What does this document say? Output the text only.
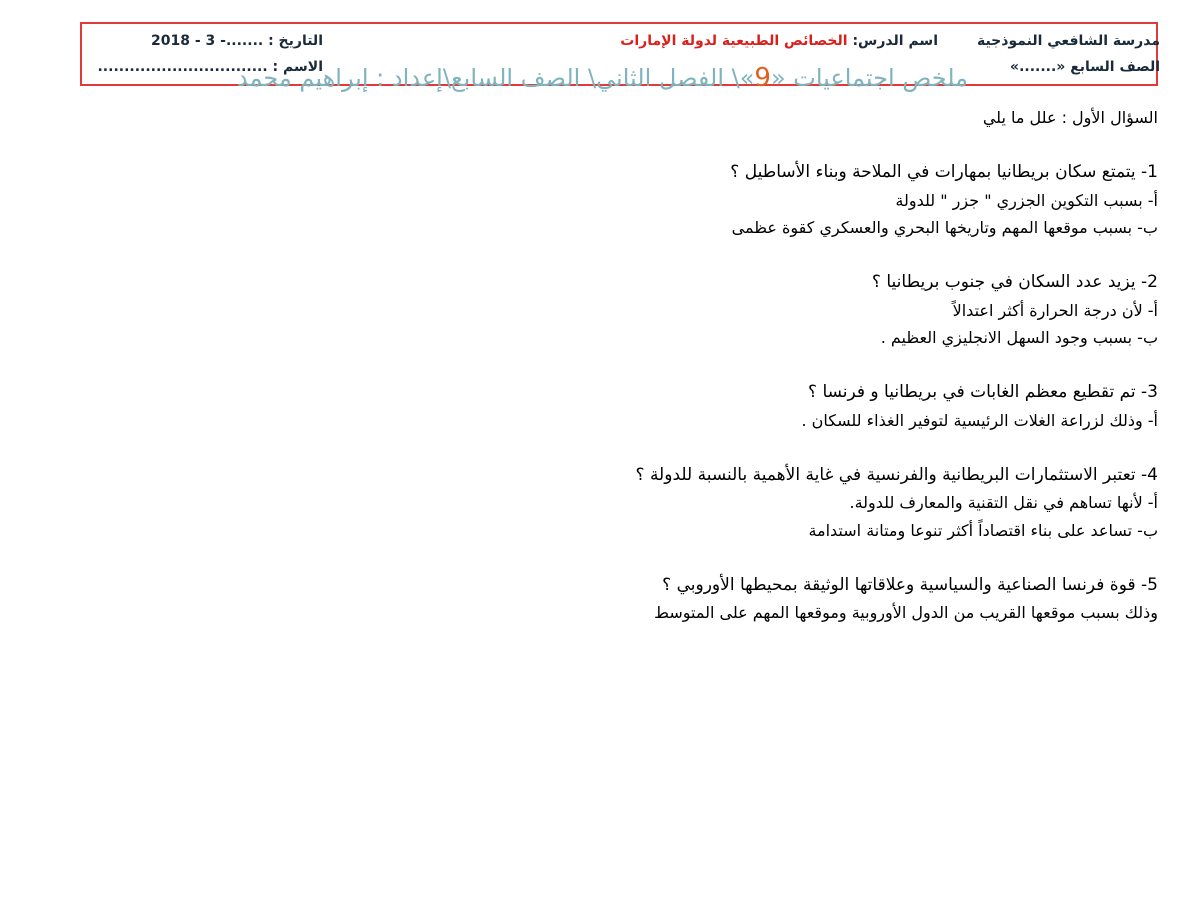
مدرسة الشافعي النموذجية
اسم الدرس: الخصائص الطبيعية لدولة الإمارات
التاريخ : .......- 3 - 2018
الصف السابع «.......»
الاسم : ................................	ملخص اجتماعيات «9»\ الفصل الثاني\ الصف السابع\إعداد : إبراهيم محمد
السؤال الأول : علل ما يلي
1- يتمتع سكان بريطانيا بمهارات في الملاحة وبناء الأساطيل ؟
أ- بسبب التكوين الجزري " جزر " للدولة
ب- بسبب موقعها المهم وتاريخها البحري والعسكري كقوة عظمى
2- يزيد عدد السكان في جنوب بريطانيا ؟
أ- لأن درجة الحرارة أكثر اعتدالاً
ب- بسبب وجود السهل الانجليزي العظيم .
3- تم تقطيع معظم الغابات في بريطانيا و فرنسا ؟
أ- وذلك لزراعة الغلات الرئيسية لتوفير الغذاء للسكان .
4- تعتبر الاستثمارات البريطانية والفرنسية في غاية الأهمية بالنسبة للدولة ؟
أ- لأنها تساهم في نقل التقنية والمعارف للدولة.
ب- تساعد على بناء اقتصاداً أكثر تنوعا ومتانة استدامة
5- قوة فرنسا الصناعية والسياسية وعلاقاتها الوثيقة بمحيطها الأوروبي ؟
وذلك بسبب موقعها القريب من الدول الأوروبية وموقعها المهم على المتوسط
